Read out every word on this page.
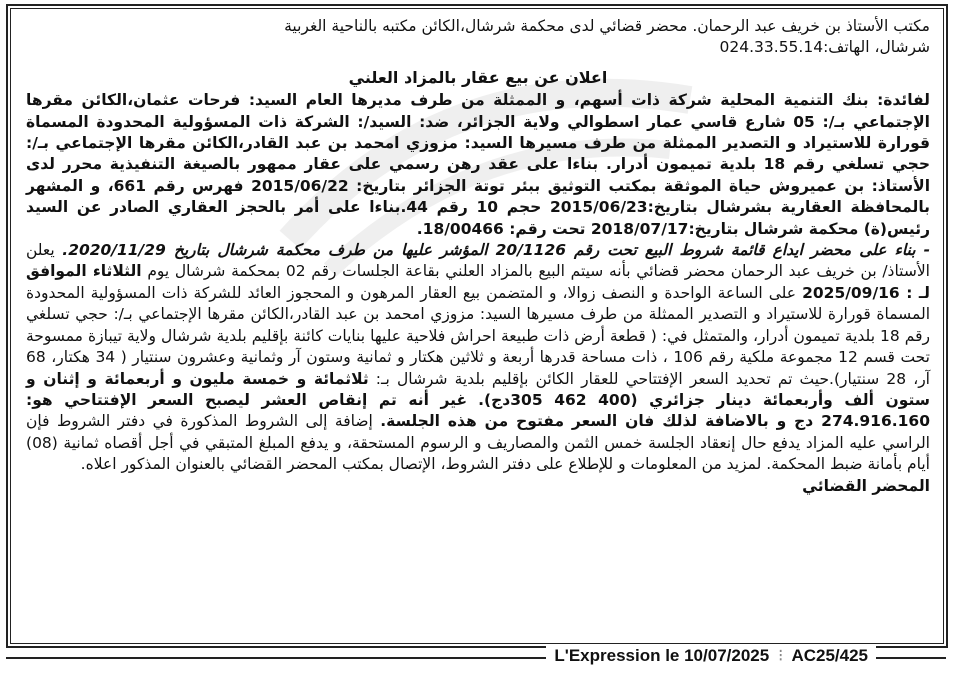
مكتب الأستاذ بن خريف عبد الرحمان. محضر قضائي لدى محكمة شرشال،الكائن مكتبه بالناحية الغربية

شرشال، الهاتف:024.33.55.14

اعلان عن بيع عقار بالمزاد العلني

لفائدة: بنك التنمية المحلية شركة ذات أسهم، و الممثلة من طرف مديرها العام السيد: فرحات عثمان،الكائن مقرها الإجتماعي بـ/: 05 شارع قاسي عمار اسطوالي ولاية الجزائر، ضد: السيد/: الشركة ذات المسؤولية المحدودة المسماة قورارة للاستيراد و التصدير الممثلة من طرف مسيرها السيد: مزوزي امحمد بن عبد القادر،الكائن مقرها الإجتماعي بـ/: حجي تسلغي رقم 18 بلدية تميمون أدرار. بناءا على عقد رهن رسمي على عقار ممهور بالصيغة التنفيذية محرر لدى الأستاذ: بن عميروش حياة الموثقة بمكتب التوثيق ببئر توتة الجزائر بتاريخ: 2015/06/22 فهرس رقم 661، و المشهر بالمحافظة العقارية بشرشال بتاريخ:2015/06/23 حجم 10 رقم 44.بناءا على أمر بالحجز العقاري الصادر عن السيد رئيس(ة) محكمة شرشال بتاريخ:2018/07/17 تحت رقم: 18/00466.

- بناء على محضر ايداع قائمة شروط البيع تحت رقم 20/1126 المؤشر عليها من طرف محكمة شرشال بتاريخ 2020/11/29. يعلن الأستاذ/ بن خريف عبد الرحمان محضر قضائي بأنه سيتم البيع بالمزاد العلني بقاعة الجلسات رقم 02 بمحكمة شرشال يوم الثلاثاء الموافق لـ : 2025/09/16 على الساعة الواحدة و النصف زوالا، و المتضمن بيع العقار المرهون و المحجوز العائد للشركة ذات المسؤولية المحدودة المسماة قورارة للاستيراد و التصدير الممثلة من طرف مسيرها السيد: مزوزي امحمد بن عبد القادر،الكائن مقرها الإجتماعي بـ/: حجي تسلغي رقم 18 بلدية تميمون أدرار، والمتمثل في: ( قطعة أرض ذات طبيعة احراش فلاحية عليها بنايات كائنة بإقليم بلدية شرشال ولاية تيبازة ممسوحة تحت قسم 12 مجموعة ملكية رقم 106 ، ذات مساحة قدرها أربعة و ثلاثين هكتار و ثمانية وستون آر وثمانية وعشرون سنتيار ( 34 هكتار، 68 آر، 28 سنتيار).حيث تم تحديد السعر الإفتتاحي للعقار الكائن بإقليم بلدية شرشال بـ: ثلاثمائة و خمسة مليون و أربعمائة و إثنان و ستون ألف وأربعمائة دينار جزائري (400 462 305دج). غير أنه تم إنقاص العشر ليصبح السعر الإفتتاحي هو: 274.916.160 دج و بالاضافة لذلك فان السعر مفتوح من هذه الجلسة. إضافة إلى الشروط المذكورة في دفتر الشروط فإن الراسي عليه المزاد يدفع حال إنعقاد الجلسة خمس الثمن والمصاريف و الرسوم المستحقة، و يدفع المبلغ المتبقي في أجل أقصاه ثمانية (08) أيام بأمانة ضبط المحكمة. لمزيد من المعلومات و للإطلاع على دفتر الشروط، الإتصال بمكتب المحضر القضائي بالعنوان المذكور اعلاه.

المحضر القضائي

L'Expression le 10/07/2025 ⁝ AC25/425
